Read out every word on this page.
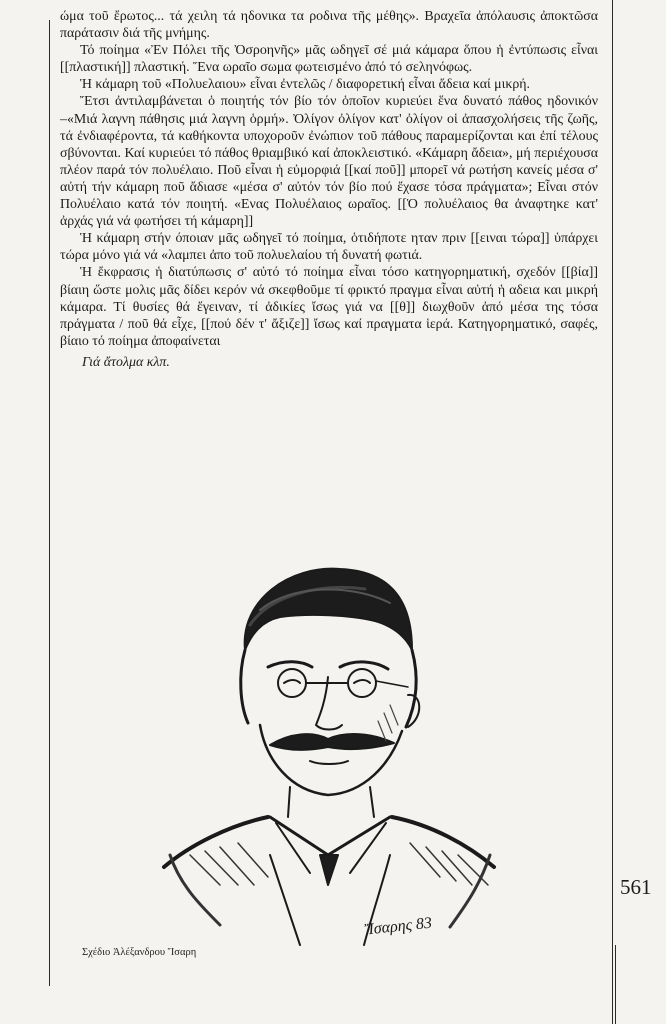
ώμα τοῦ ἔρωτος... τά χειλη τά ηδονικα τα ροδινα τῆς μέθης». Βραχεῖα ἀπόλαυσις ἀποκτῶσα παράτασιν διά τῆς μνήμης.

Τό ποίημα «Ἐν Πόλει τῆς Ὀσροηνῆς» μᾶς ωδηγεῖ σέ μιά κάμαρα ὅπου ἡ ἐντύπωσις εἶναι [[πλαστική]] πλαστική. Ἕνα ωραῖο σωμα φωτεισμένο ἀπό τό σεληνόφως.

Ἡ κάμαρη τοῦ «Πολυελαιου» εἶναι ἐντελῶς / διαφορετική εἶναι ἄδεια καί μικρή.

Ἔτσι ἀντιλαμβάνεται ὁ ποιητής τόν βίο τόν ὁποῖον κυριεύει ἕνα δυνατό πάθος ηδονικόν –«Μιά λαγνη πάθησις μιά λαγνη ὁρμή». Ὀλίγον ὀλίγον κατ' ὀλίγον οἱ ἀπασχολήσεις τῆς ζωῆς, τά ἐνδιαφέροντα, τά καθήκοντα υποχοροῦν ἐνώπιον τοῦ πάθους παραμερίζονται και ἐπί τέλους σβύνονται. Καί κυριεύει τό πάθος θριαμβικό καί ἀποκλειστικό. «Κάμαρη ἄδεια», μή περιέχουσα πλέον παρά τόν πολυέλαιο. Ποῦ εἶναι ἡ εὐμορφιά [[καί ποῦ]] μπορεῖ νά ρωτήση κανείς μέσα σ' αὐτή τήν κάμαρη ποῦ ἄδιασε «μέσα σ' αὐτόν τόν βίο πού ἔχασε τόσα πράγματα»; Εἶναι στόν Πολυέλαιο κατά τόν ποιητή. «Ενας Πολυέλαιος ωραῖος. [[Ὁ πολυέλαιος θα ἀναφτηκε κατ' ἀρχάς γιά νά φωτήσει τή κάμαρη]]

Ἡ κάμαρη στήν όποιαν μᾶς ωδηγεῖ τό ποίημα, ὁτιδήποτε ηταν πριν [[ειναι τώρα]] ὑπάρχει τώρα μόνο γιά νά «λαμπει ἀπο τοῦ πολυελαίου τή δυνατή φωτιά.

Ἡ ἔκφρασις ἡ διατύπωσις σ' αὐτό τό ποίημα εἶναι τόσο κατηγορηματική, σχεδόν [[βία]] βίαιη ὥστε μολις μᾶς δίδει κερόν νά σκεφθοῦμε τί φρικτό πραγμα εἶναι αὐτή ἡ αδεια και μικρή κάμαρα. Τί θυσίες θά ἔγειναν, τί ἀδικίες ἴσως γιά να [[θ]] διωχθοῦν ἀπό μέσα της τόσα πράγματα / ποῦ θά εἶχε, [[πού δέν τ' ἄξιζε]] ἴσως καί πραγματα ἱερά. Κατηγορηματικό, σαφές, βίαιο τό ποίημα ἀποφαίνεται

Γιά ἄτολμα κλπ.

Ἴσαρης 83
561
Σχέδιο Ἀλέξανδρου Ἴσαρη
